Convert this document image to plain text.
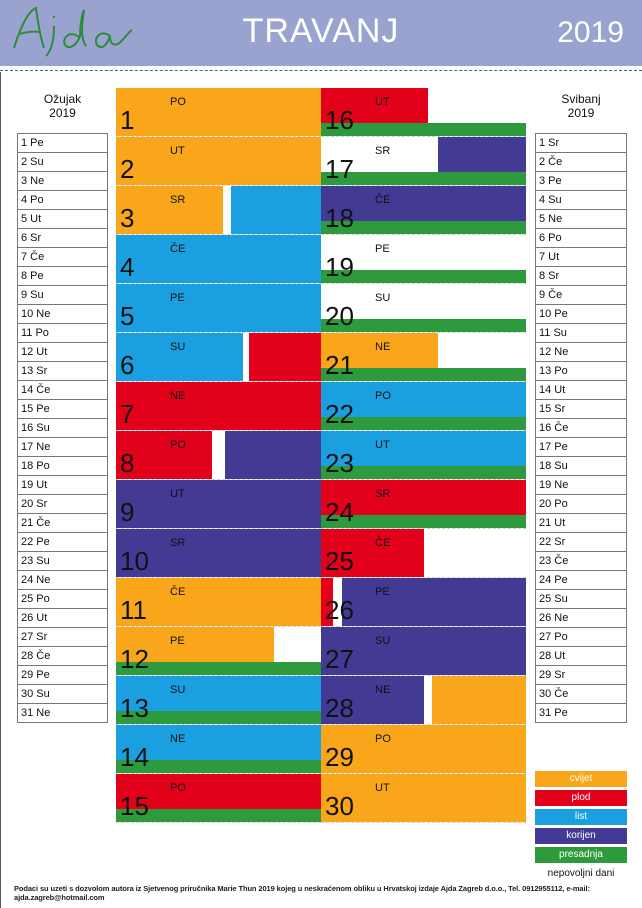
TRAVANJ	2019
Ožujak
2019
1 Pe
2 Su
3 Ne
4 Po
5 Ut
6 Sr
7 Če
8 Pe
9 Su
10 Ne
11 Po
12 Ut
13 Sr
14 Če
15 Pe
16 Su
17 Ne
18 Po
19 Ut
20 Sr
21 Če
22 Pe
23 Su
24 Ne
25 Po
26 Ut
27 Sr
28 Če
29 Pe
30 Su
31 Ne
Svibanj
2019
1 Sr
2 Če
3 Pe
4 Su
5 Ne
6 Po
7 Ut
8 Sr
9 Če
10 Pe
11 Su
12 Ne
13 Po
14 Ut
15 Sr
16 Če
17 Pe
18 Su
19 Ne
20 Po
21 Ut
22 Sr
23 Če
24 Pe
25 Su
26 Ne
27 Po
28 Ut
29 Sr
30 Če
31 Pe
1
PO
2
UT
3
SR
4
ČE
5
PE
6
SU
7
NE
8
PO
9
UT
10
SR
11
ČE
12
PE
13
SU
14
NE
15
PO
16
UT
17
SR
18
ČE
19
PE
20
SU
21
NE
22
PO
23
UT
24
SR
25
ČE
26
PE
27
SU
28
NE
29
PO
30
UT
cvijet
plod
list
korijen
presadnja
nepovoljni dani
Podaci su uzeti s dozvolom autora iz Sjetvenog priručnika Marie Thun 2019 kojeg u neskraćenom obliku u Hrvatskoj izdaje Ajda Zagreb d.o.o., Tel. 0912955112, e-mail: ajda.zagreb@hotmail.com
